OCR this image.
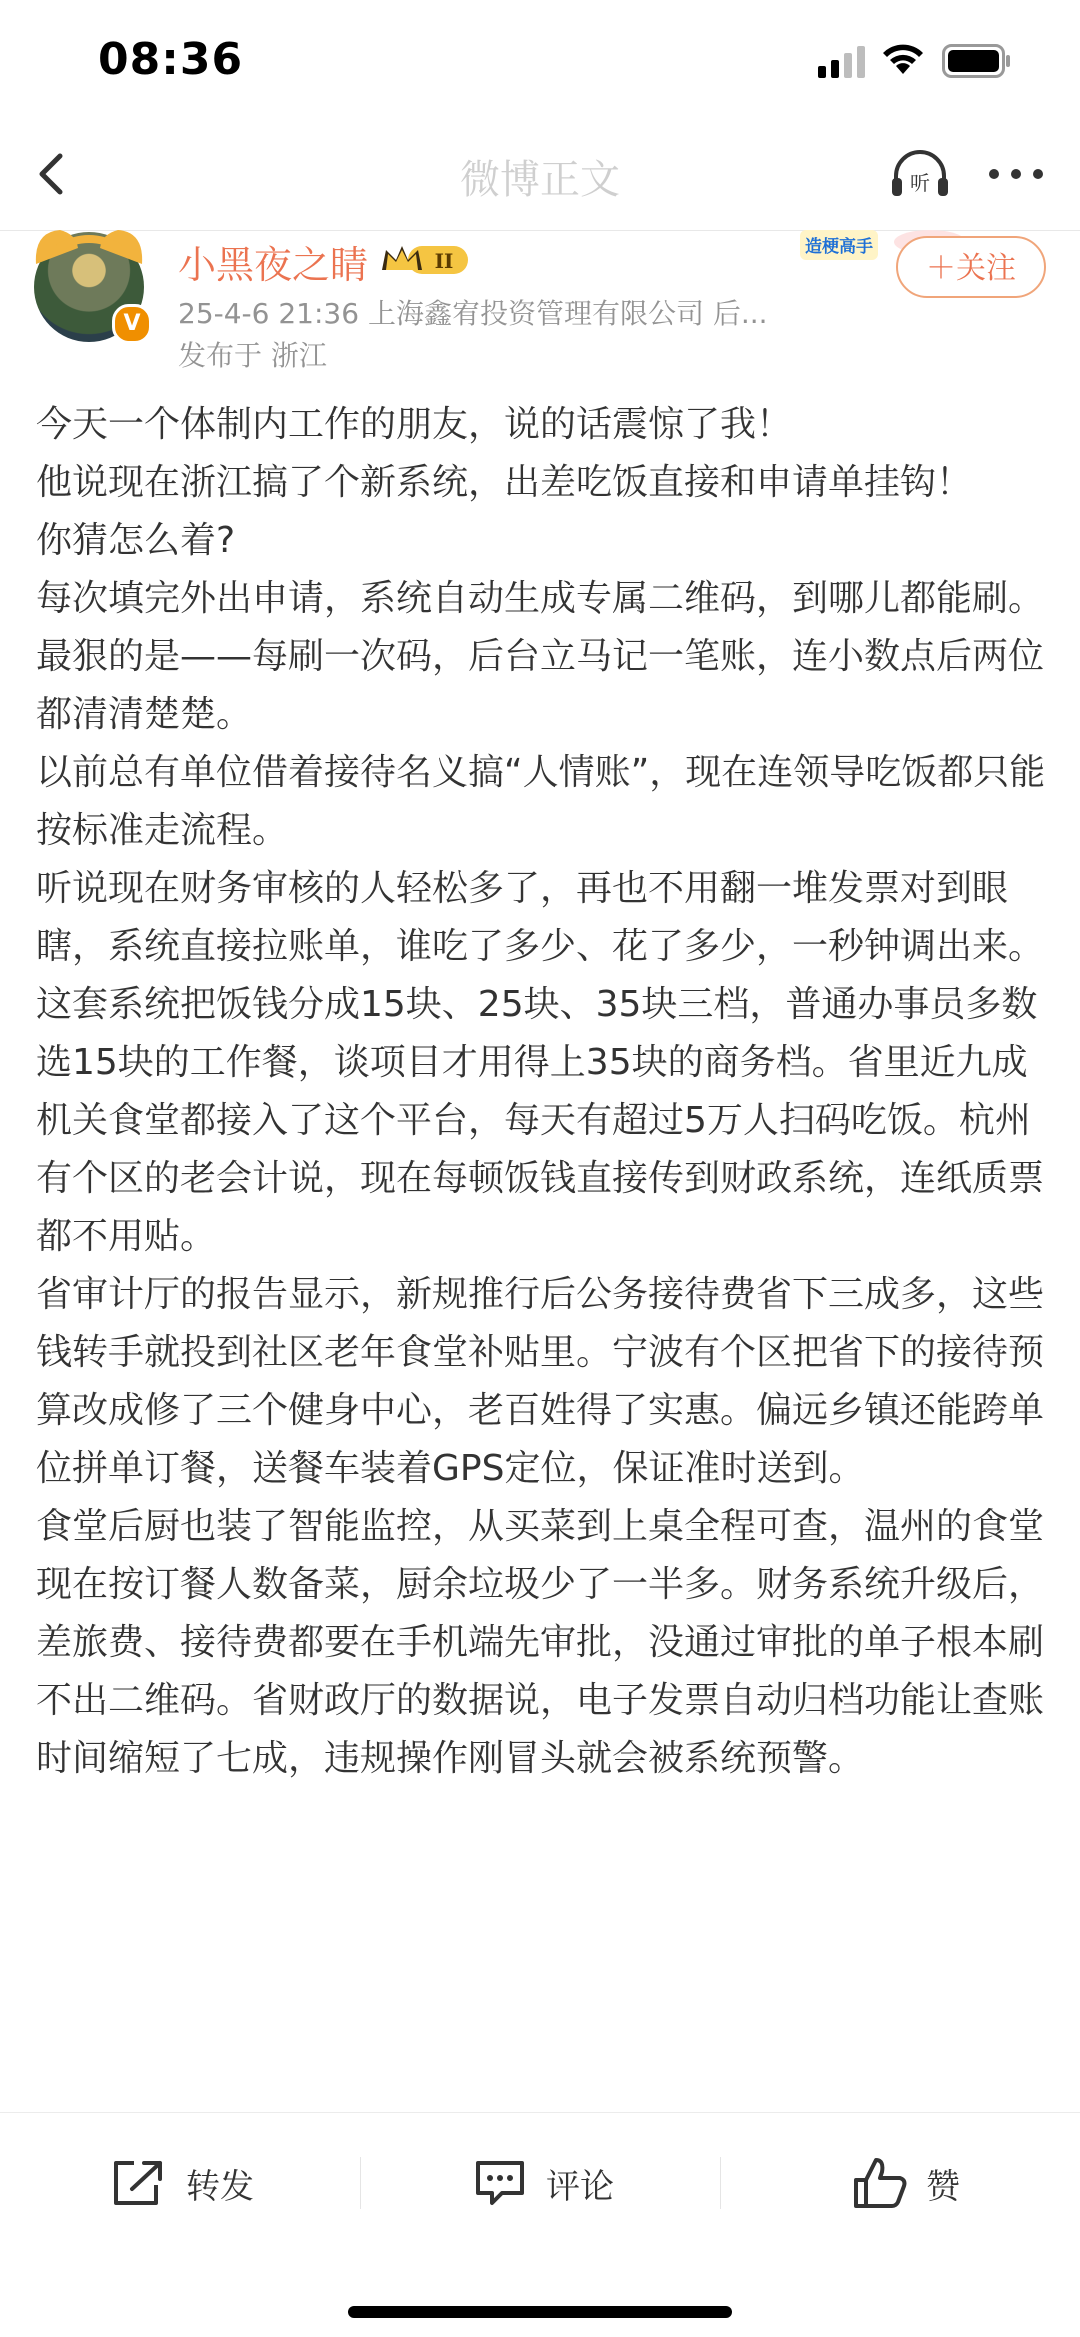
08:36
微博正文	听
V
小黑夜之睛	II
25-4-6 21:36 上海鑫宥投资管理有限公司 后...
发布于 浙江
造梗高手
＋关注

今天一个体制内工作的朋友，说的话震惊了我！

他说现在浙江搞了个新系统，出差吃饭直接和申请单挂钩！

你猜怎么着?

每次填完外出申请，系统自动生成专属二维码，到哪儿都能刷。

最狠的是——每刷一次码，后台立马记一笔账，连小数点后两位都清清楚楚。

以前总有单位借着接待名义搞“人情账”，现在连领导吃饭都只能按标准走流程。

听说现在财务审核的人轻松多了，再也不用翻一堆发票对到眼瞎，系统直接拉账单，谁吃了多少、花了多少，一秒钟调出来。

这套系统把饭钱分成15块、25块、35块三档，普通办事员多数选15块的工作餐，谈项目才用得上35块的商务档。省里近九成机关食堂都接入了这个平台，每天有超过5万人扫码吃饭。杭州有个区的老会计说，现在每顿饭钱直接传到财政系统，连纸质票都不用贴。

省审计厅的报告显示，新规推行后公务接待费省下三成多，这些钱转手就投到社区老年食堂补贴里。宁波有个区把省下的接待预算改成修了三个健身中心，老百姓得了实惠。偏远乡镇还能跨单位拼单订餐，送餐车装着GPS定位，保证准时送到。

食堂后厨也装了智能监控，从买菜到上桌全程可查，温州的食堂现在按订餐人数备菜，厨余垃圾少了一半多。财务系统升级后，差旅费、接待费都要在手机端先审批，没通过审批的单子根本刷不出二维码。省财政厅的数据说，电子发票自动归档功能让查账时间缩短了七成，违规操作刚冒头就会被系统预警。

转发	评论	赞
